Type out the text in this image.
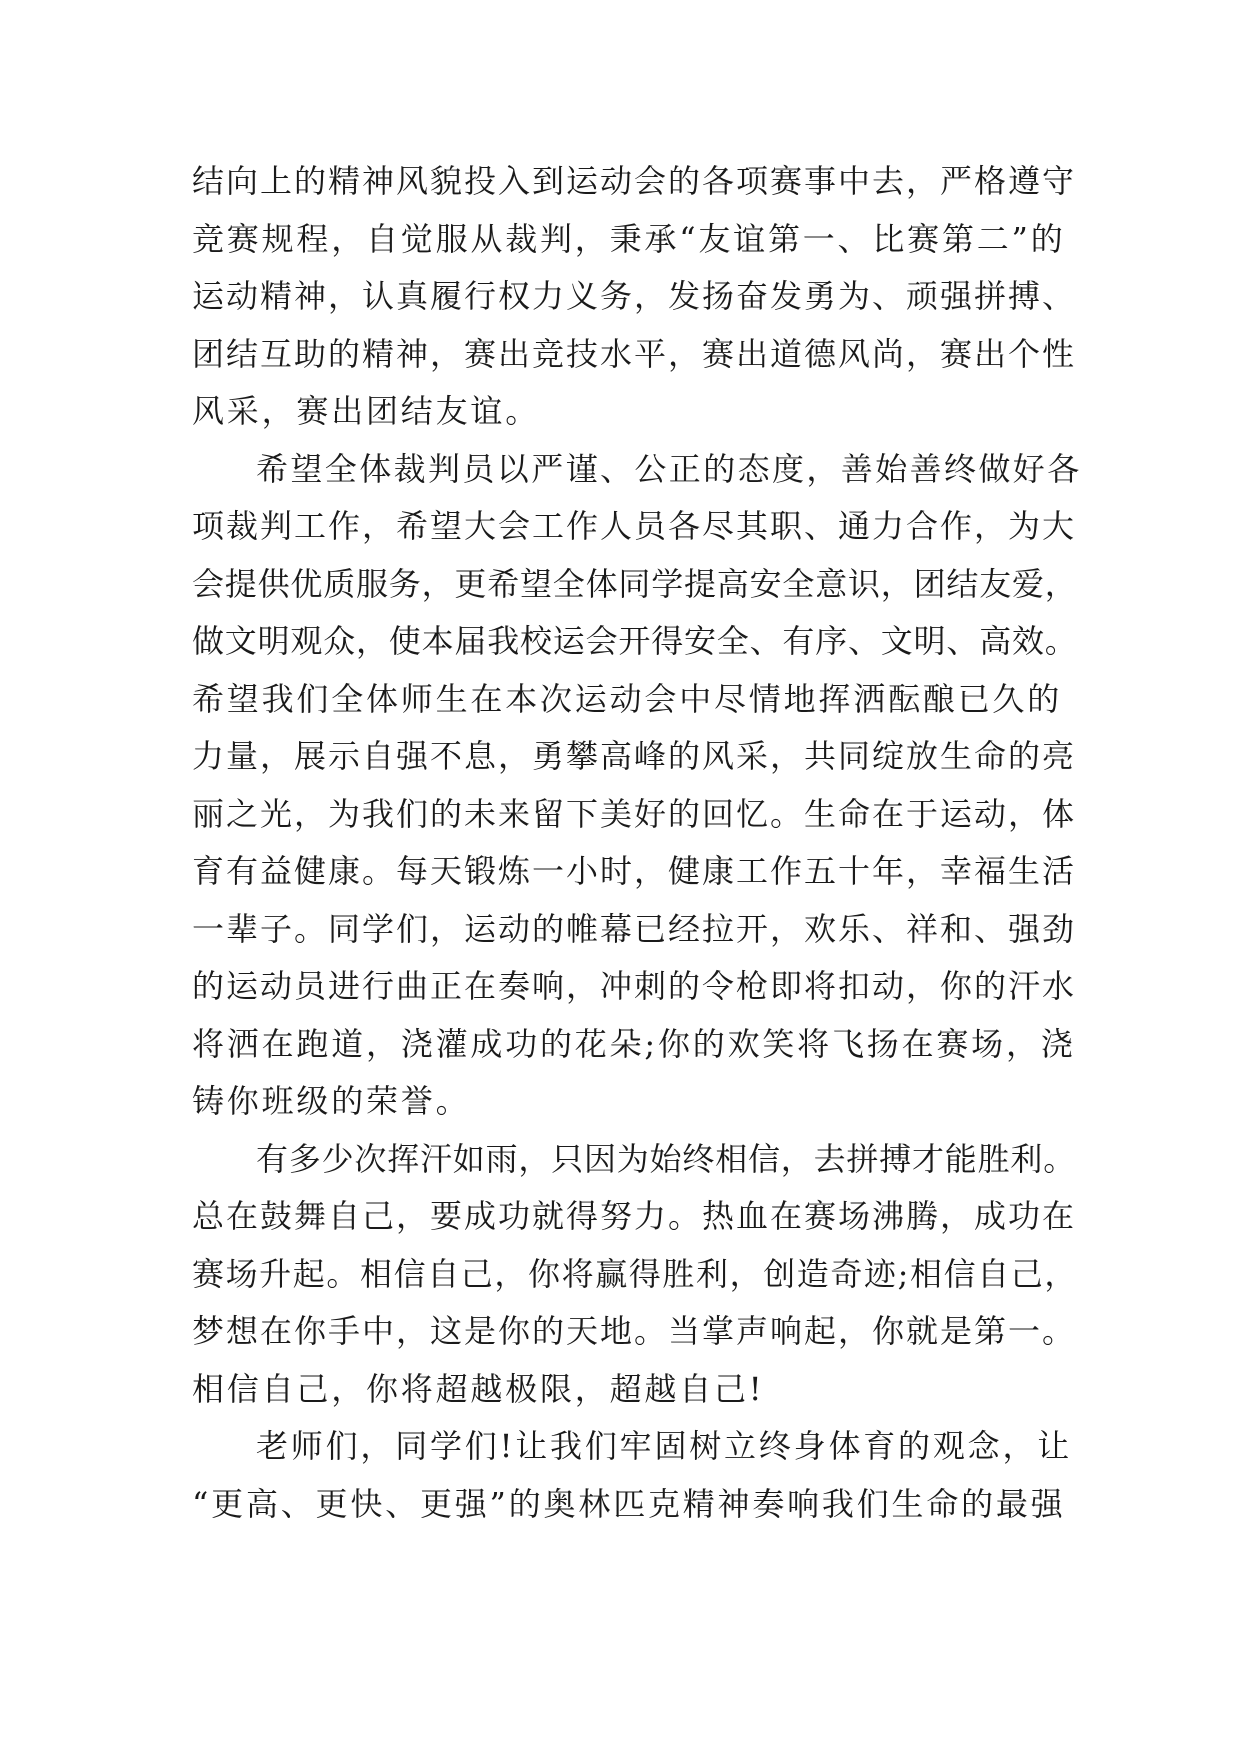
结向上的精神风貌投入到运动会的各项赛事中去，严格遵守
竞赛规程，自觉服从裁判，秉承“友谊第一、比赛第二”的
运动精神，认真履行权力义务，发扬奋发勇为、顽强拼搏、
团结互助的精神，赛出竞技水平，赛出道德风尚，赛出个性
风采，赛出团结友谊。
希望全体裁判员以严谨、公正的态度，善始善终做好各
项裁判工作，希望大会工作人员各尽其职、通力合作，为大
会提供优质服务，更希望全体同学提高安全意识，团结友爱，
做文明观众，使本届我校运会开得安全、有序、文明、高效。
希望我们全体师生在本次运动会中尽情地挥洒酝酿已久的
力量，展示自强不息，勇攀高峰的风采，共同绽放生命的亮
丽之光，为我们的未来留下美好的回忆。生命在于运动，体
育有益健康。每天锻炼一小时，健康工作五十年，幸福生活
一辈子。同学们，运动的帷幕已经拉开，欢乐、祥和、强劲
的运动员进行曲正在奏响，冲刺的令枪即将扣动，你的汗水
将洒在跑道，浇灌成功的花朵;你的欢笑将飞扬在赛场，浇
铸你班级的荣誉。
有多少次挥汗如雨，只因为始终相信，去拼搏才能胜利。
总在鼓舞自己，要成功就得努力。热血在赛场沸腾，成功在
赛场升起。相信自己，你将赢得胜利，创造奇迹;相信自己，
梦想在你手中，这是你的天地。当掌声响起，你就是第一。
相信自己，你将超越极限，超越自己!
老师们，同学们!让我们牢固树立终身体育的观念，让
“更高、更快、更强”的奥林匹克精神奏响我们生命的最强
